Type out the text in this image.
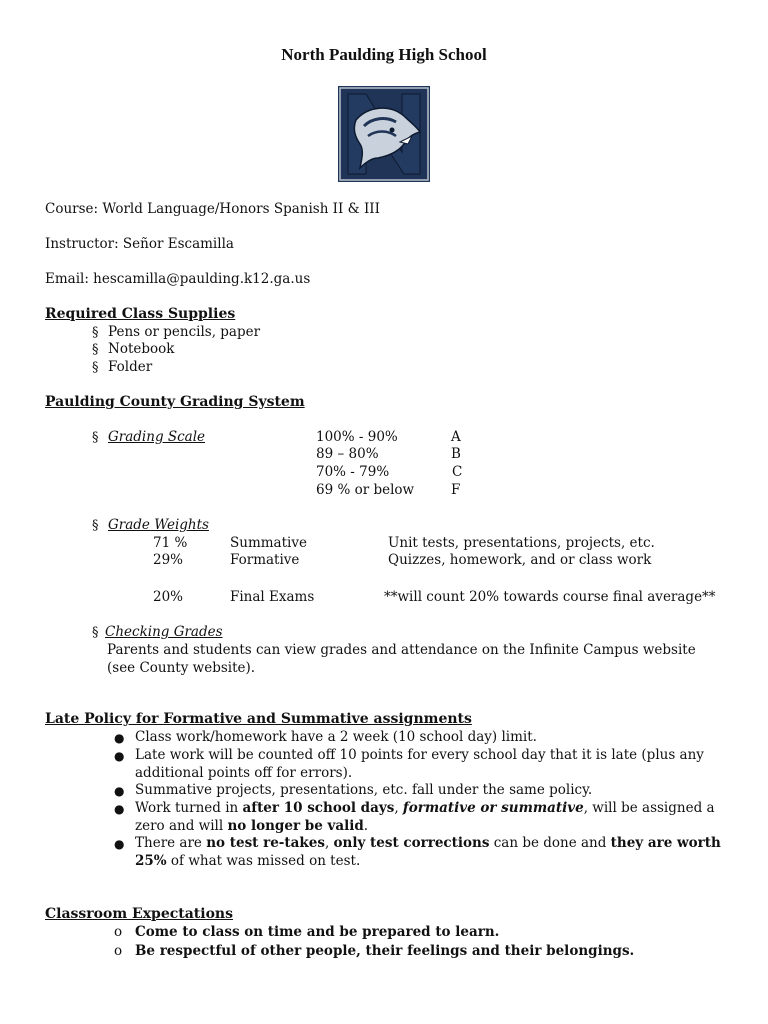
North Paulding High School
Course: World Language/Honors Spanish II & III
Instructor: Señor Escamilla
Email: hescamilla@paulding.k12.ga.us
Required Class Supplies
§ Pens or pencils, paper
§ Notebook
§ Folder
Paulding County Grading System
§ Grading Scale	100% - 90%	A
89 – 80%	B
70% - 79%	C
69 % or below	F
§ Grade Weights
71 %	Summative	Unit tests, presentations, projects, etc.
29%	Formative	Quizzes, homework, and or class work
20%	Final Exams	**will count 20% towards course final average**
§ Checking Grades
Parents and students can view grades and attendance on the Infinite Campus website (see County website).
Late Policy for Formative and Summative assignments
● Class work/homework have a 2 week (10 school day) limit.
● Late work will be counted off 10 points for every school day that it is late (plus any additional points off for errors).
● Summative projects, presentations, etc. fall under the same policy.
● Work turned in after 10 school days, formative or summative, will be assigned a zero and will no longer be valid.
● There are no test re-takes, only test corrections can be done and they are worth 25% of what was missed on test.
Classroom Expectations
o Come to class on time and be prepared to learn.
o Be respectful of other people, their feelings and their belongings.
